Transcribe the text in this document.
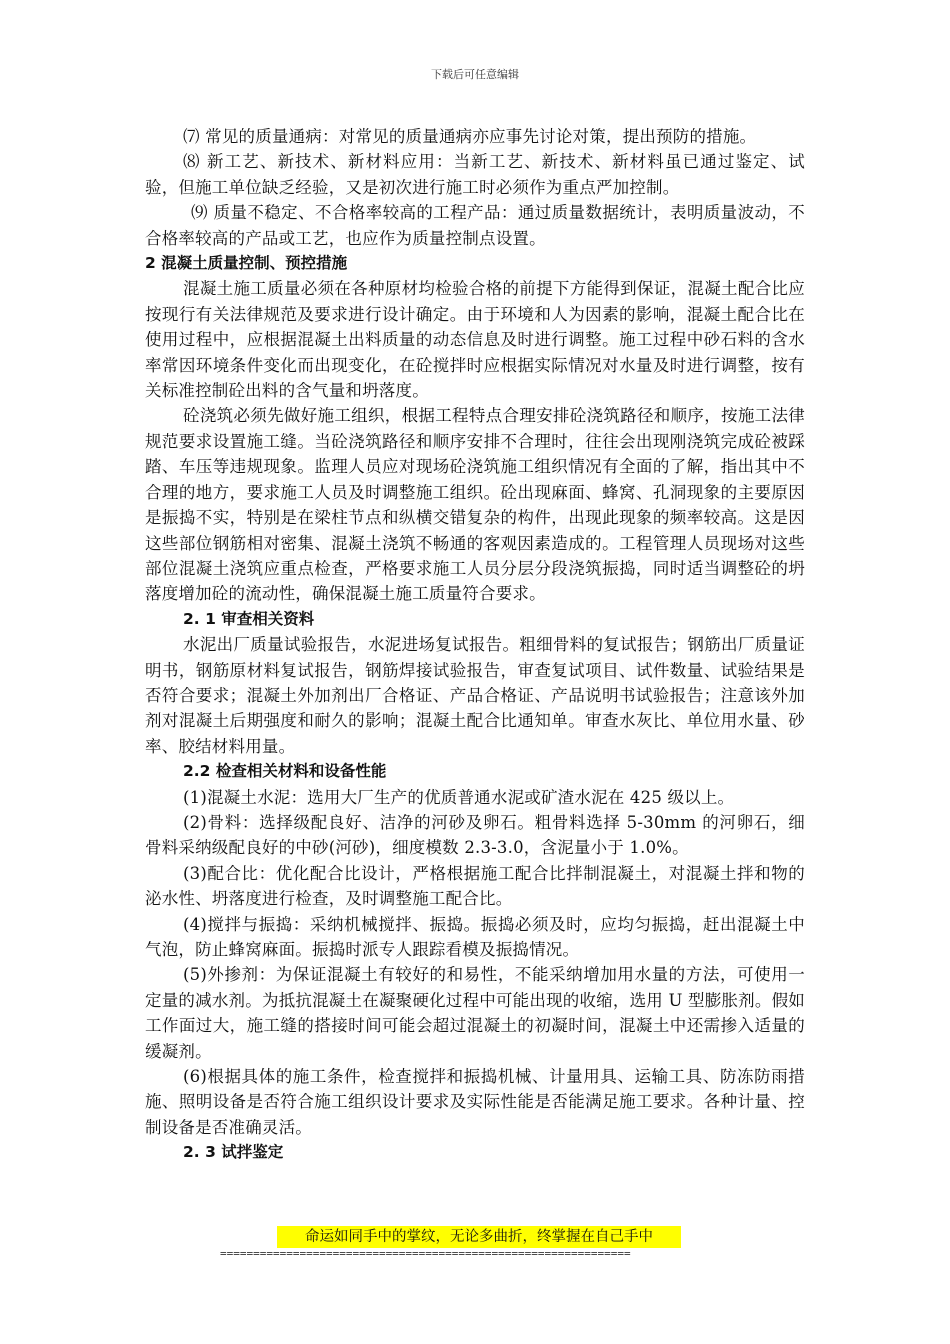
下载后可任意编辑

⑺ 常见的质量通病：对常见的质量通病亦应事先讨论对策，提出预防的措施。

⑻ 新工艺、新技术、新材料应用：当新工艺、新技术、新材料虽已通过鉴定、试验，但施工单位缺乏经验，又是初次进行施工时必须作为重点严加控制。

⑼ 质量不稳定、不合格率较高的工程产品：通过质量数据统计，表明质量波动，不合格率较高的产品或工艺，也应作为质量控制点设置。

2 混凝土质量控制、预控措施

混凝土施工质量必须在各种原材均检验合格的前提下方能得到保证，混凝土配合比应按现行有关法律规范及要求进行设计确定。由于环境和人为因素的影响，混凝土配合比在使用过程中，应根据混凝土出料质量的动态信息及时进行调整。施工过程中砂石料的含水率常因环境条件变化而出现变化，在砼搅拌时应根据实际情况对水量及时进行调整，按有关标准控制砼出料的含气量和坍落度。

砼浇筑必须先做好施工组织，根据工程特点合理安排砼浇筑路径和顺序，按施工法律规范要求设置施工缝。当砼浇筑路径和顺序安排不合理时，往往会出现刚浇筑完成砼被踩踏、车压等违规现象。监理人员应对现场砼浇筑施工组织情况有全面的了解，指出其中不合理的地方，要求施工人员及时调整施工组织。砼出现麻面、蜂窝、孔洞现象的主要原因是振捣不实，特别是在梁柱节点和纵横交错复杂的构件，出现此现象的频率较高。这是因这些部位钢筋相对密集、混凝土浇筑不畅通的客观因素造成的。工程管理人员现场对这些部位混凝土浇筑应重点检查，严格要求施工人员分层分段浇筑振捣，同时适当调整砼的坍落度增加砼的流动性，确保混凝土施工质量符合要求。

2. 1 审查相关资料

水泥出厂质量试验报告，水泥进场复试报告。粗细骨料的复试报告；钢筋出厂质量证明书，钢筋原材料复试报告，钢筋焊接试验报告，审查复试项目、试件数量、试验结果是否符合要求；混凝土外加剂出厂合格证、产品合格证、产品说明书试验报告；注意该外加剂对混凝土后期强度和耐久的影响；混凝土配合比通知单。审查水灰比、单位用水量、砂率、胶结材料用量。

2.2 检查相关材料和设备性能

(1)混凝土水泥：选用大厂生产的优质普通水泥或矿渣水泥在 425 级以上。

(2)骨料：选择级配良好、洁净的河砂及卵石。粗骨料选择 5-30mm 的河卵石，细骨料采纳级配良好的中砂(河砂)，细度模数 2.3-3.0，含泥量小于 1.0%。

(3)配合比：优化配合比设计，严格根据施工配合比拌制混凝土，对混凝土拌和物的泌水性、坍落度进行检查，及时调整施工配合比。

(4)搅拌与振捣：采纳机械搅拌、振捣。振捣必须及时，应均匀振捣，赶出混凝土中气泡，防止蜂窝麻面。振捣时派专人跟踪看模及振捣情况。

(5)外掺剂：为保证混凝土有较好的和易性，不能采纳增加用水量的方法，可使用一定量的减水剂。为抵抗混凝土在凝聚硬化过程中可能出现的收缩，选用 U 型膨胀剂。假如工作面过大，施工缝的搭接时间可能会超过混凝土的初凝时间，混凝土中还需掺入适量的缓凝剂。

(6)根据具体的施工条件，检查搅拌和振捣机械、计量用具、运输工具、防冻防雨措施、照明设备是否符合施工组织设计要求及实际性能是否能满足施工要求。各种计量、控制设备是否准确灵活。

2. 3 试拌鉴定

命运如同手中的掌纹，无论多曲折，终掌握在自己手中
==============================================================
